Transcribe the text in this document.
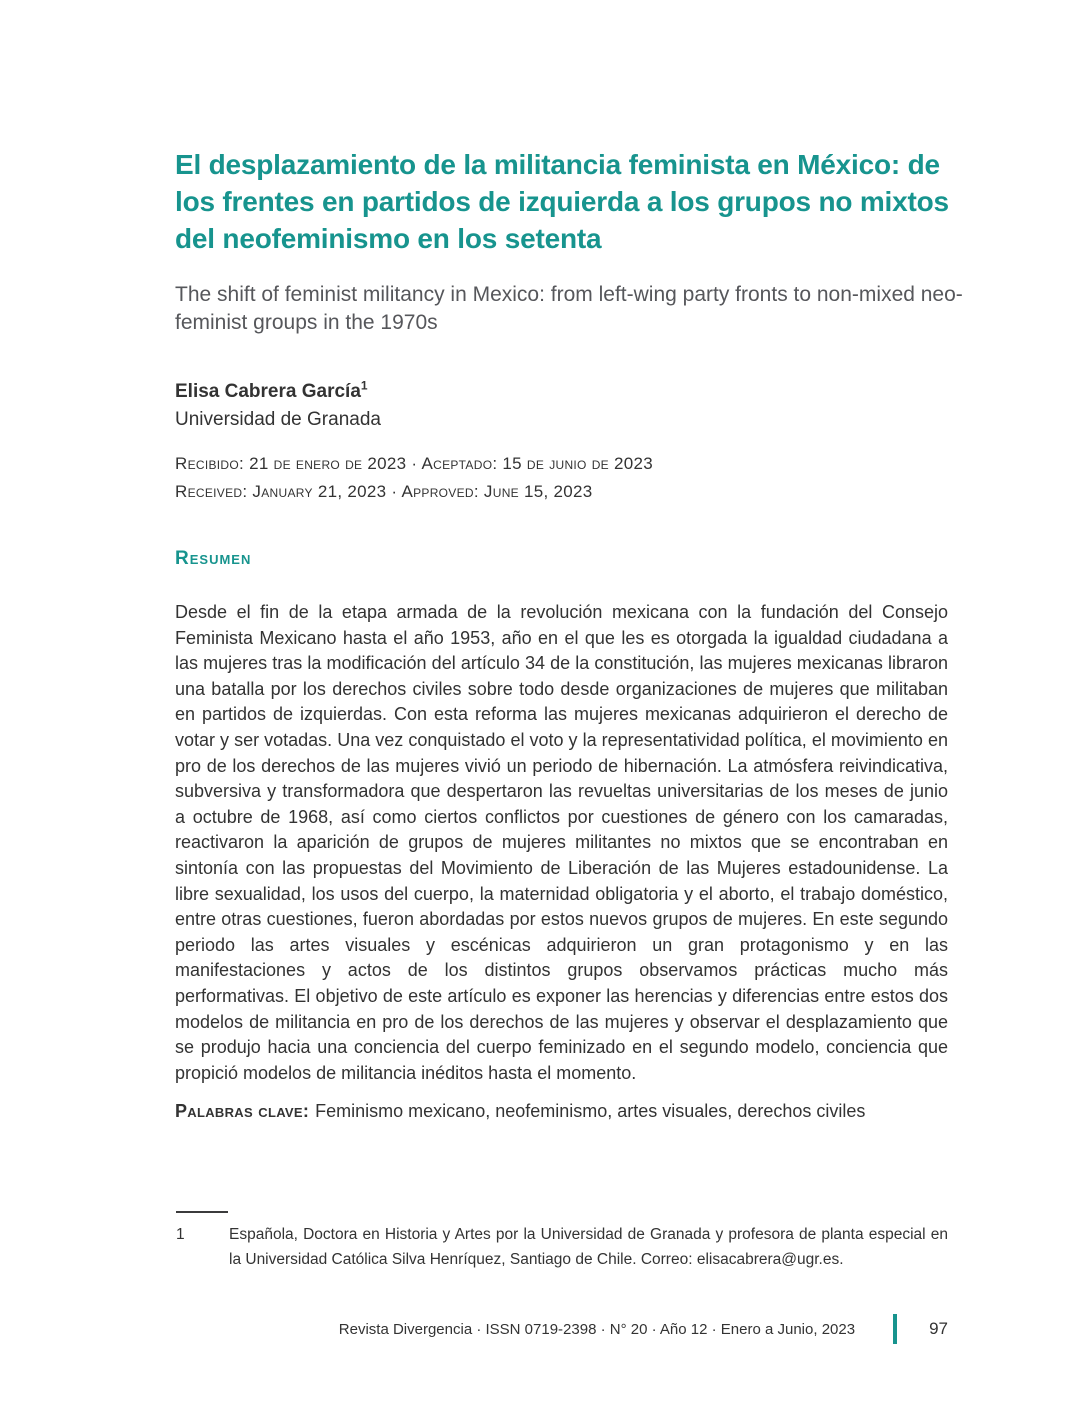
El desplazamiento de la militancia feminista en México: de los frentes en partidos de izquierda a los grupos no mixtos del neofeminismo en los setenta
The shift of feminist militancy in Mexico: from left-wing party fronts to non-mixed neo-feminist groups in the 1970s
Elisa Cabrera García$^1$
Universidad de Granada
Recibido: 21 de enero de 2023 · Aceptado: 15 de junio de 2023
Received: January 21, 2023 · Approved: June 15, 2023
Resumen

Desde el fin de la etapa armada de la revolución mexicana con la fundación del Consejo Feminista Mexicano hasta el año 1953, año en el que les es otorgada la igualdad ciudadana a las mujeres tras la modificación del artículo 34 de la constitución, las mujeres mexicanas libraron una batalla por los derechos civiles sobre todo desde organizaciones de mujeres que militaban en partidos de izquierdas. Con esta reforma las mujeres mexicanas adquirieron el derecho de votar y ser votadas. Una vez conquistado el voto y la representatividad política, el movimiento en pro de los derechos de las mujeres vivió un periodo de hibernación. La atmósfera reivindicativa, subversiva y transformadora que despertaron las revueltas universitarias de los meses de junio a octubre de 1968, así como ciertos conflictos por cuestiones de género con los camaradas, reactivaron la aparición de grupos de mujeres militantes no mixtos que se encontraban en sintonía con las propuestas del Movimiento de Liberación de las Mujeres estadounidense. La libre sexualidad, los usos del cuerpo, la maternidad obligatoria y el aborto, el trabajo doméstico, entre otras cuestiones, fueron abordadas por estos nuevos grupos de mujeres. En este segundo periodo las artes visuales y escénicas adquirieron un gran protagonismo y en las manifestaciones y actos de los distintos grupos observamos prácticas mucho más performativas. El objetivo de este artículo es exponer las herencias y diferencias entre estos dos modelos de militancia en pro de los derechos de las mujeres y observar el desplazamiento que se produjo hacia una conciencia del cuerpo feminizado en el segundo modelo, conciencia que propició modelos de militancia inéditos hasta el momento.

Palabras clave: Feminismo mexicano, neofeminismo, artes visuales, derechos civiles

1	Española, Doctora en Historia y Artes por la Universidad de Granada y profesora de planta especial en la Universidad Católica Silva Henríquez, Santiago de Chile. Correo: elisacabrera@ugr.es.
Revista Divergencia · ISSN 0719-2398 · N° 20 · Año 12 · Enero a Junio, 2023	97
